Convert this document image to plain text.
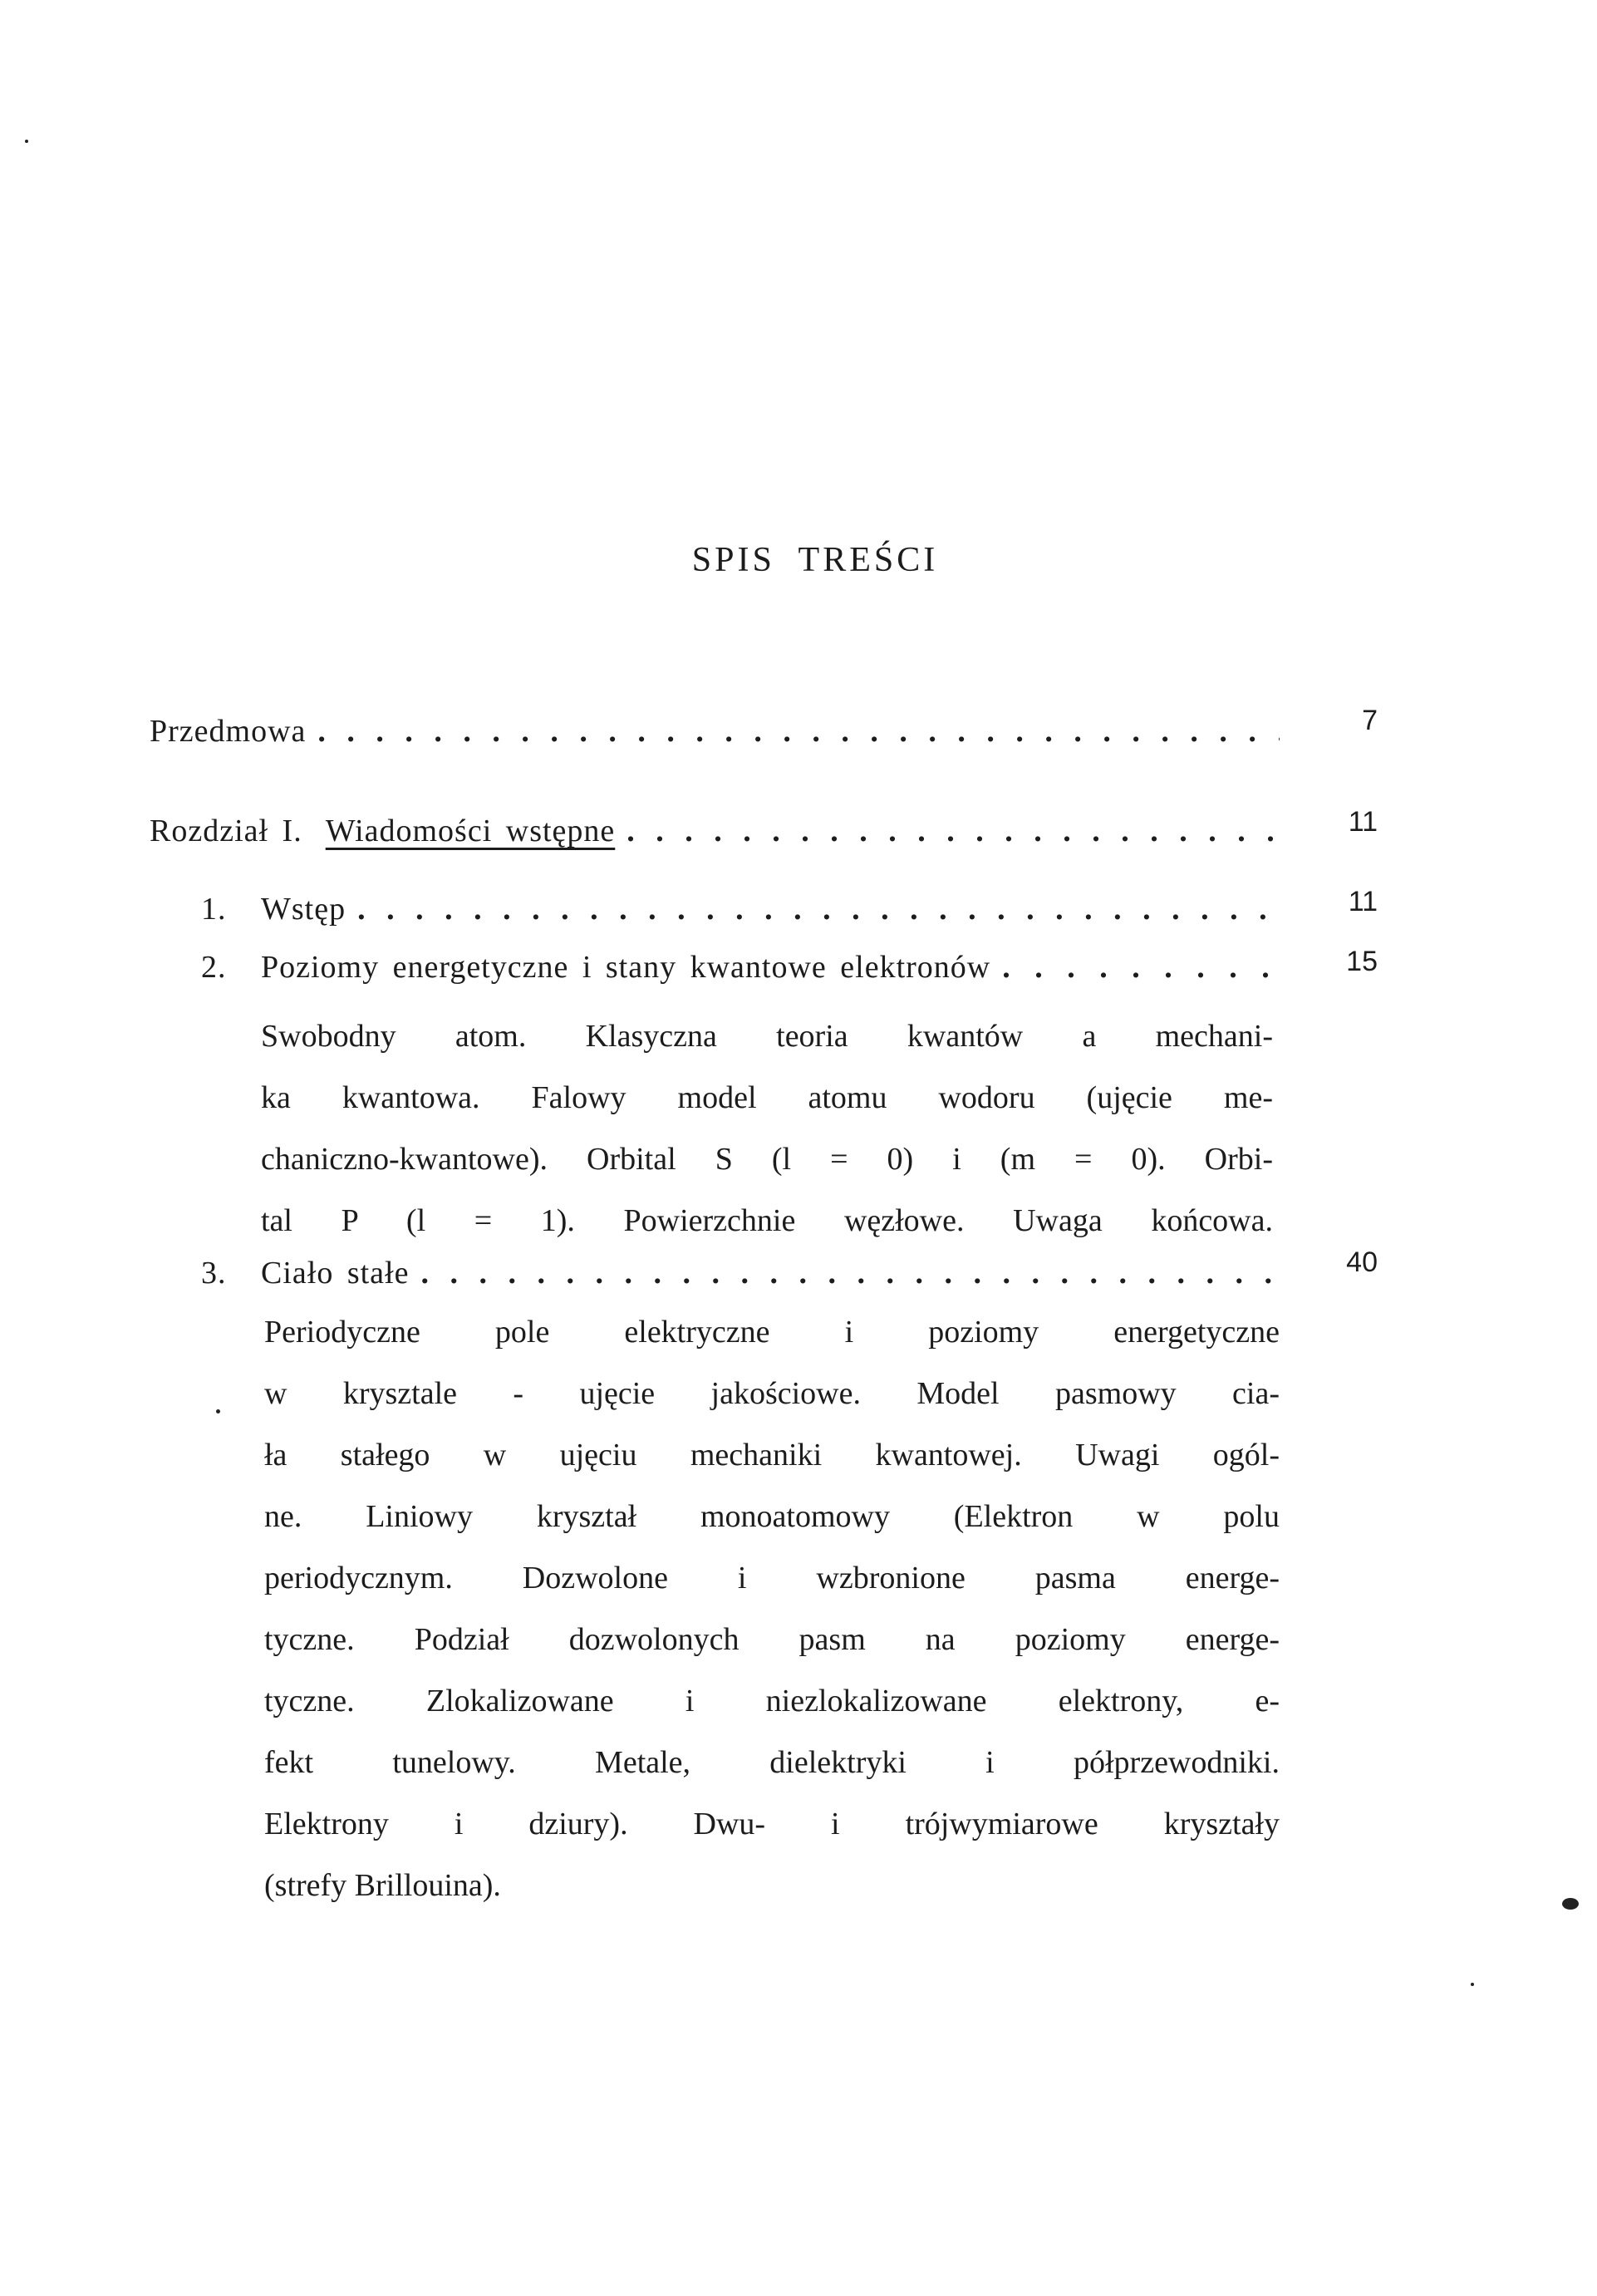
SPIS TREŚCI
Przedmowa . . .	7
Rozdział I. Wiadomości wstępne . . .	11
1.	Wstęp . . .	11
2.	Poziomy energetyczne i stany kwantowe elektronów . . .	15
Swobodny atom. Klasyczna teoria kwantów a mechani-
ka kwantowa. Falowy model atomu wodoru (ujęcie me-
chaniczno-kwantowe). Orbital S (l = 0) i (m = 0). Orbi-
tal P (l = 1). Powierzchnie węzłowe. Uwaga końcowa.
3.	Ciało stałe . . .	40
Periodyczne pole elektryczne i poziomy energetyczne
w krysztale - ujęcie jakościowe. Model pasmowy cia-
ła stałego w ujęciu mechaniki kwantowej. Uwagi ogól-
ne. Liniowy kryształ monoatomowy (Elektron w polu
periodycznym. Dozwolone i wzbronione pasma energe-
tyczne. Podział dozwolonych pasm na poziomy energe-
tyczne. Zlokalizowane i niezlokalizowane elektrony, e-
fekt tunelowy. Metale, dielektryki i półprzewodniki.
Elektrony i dziury). Dwu- i trójwymiarowe kryształy
(strefy Brillouina).
